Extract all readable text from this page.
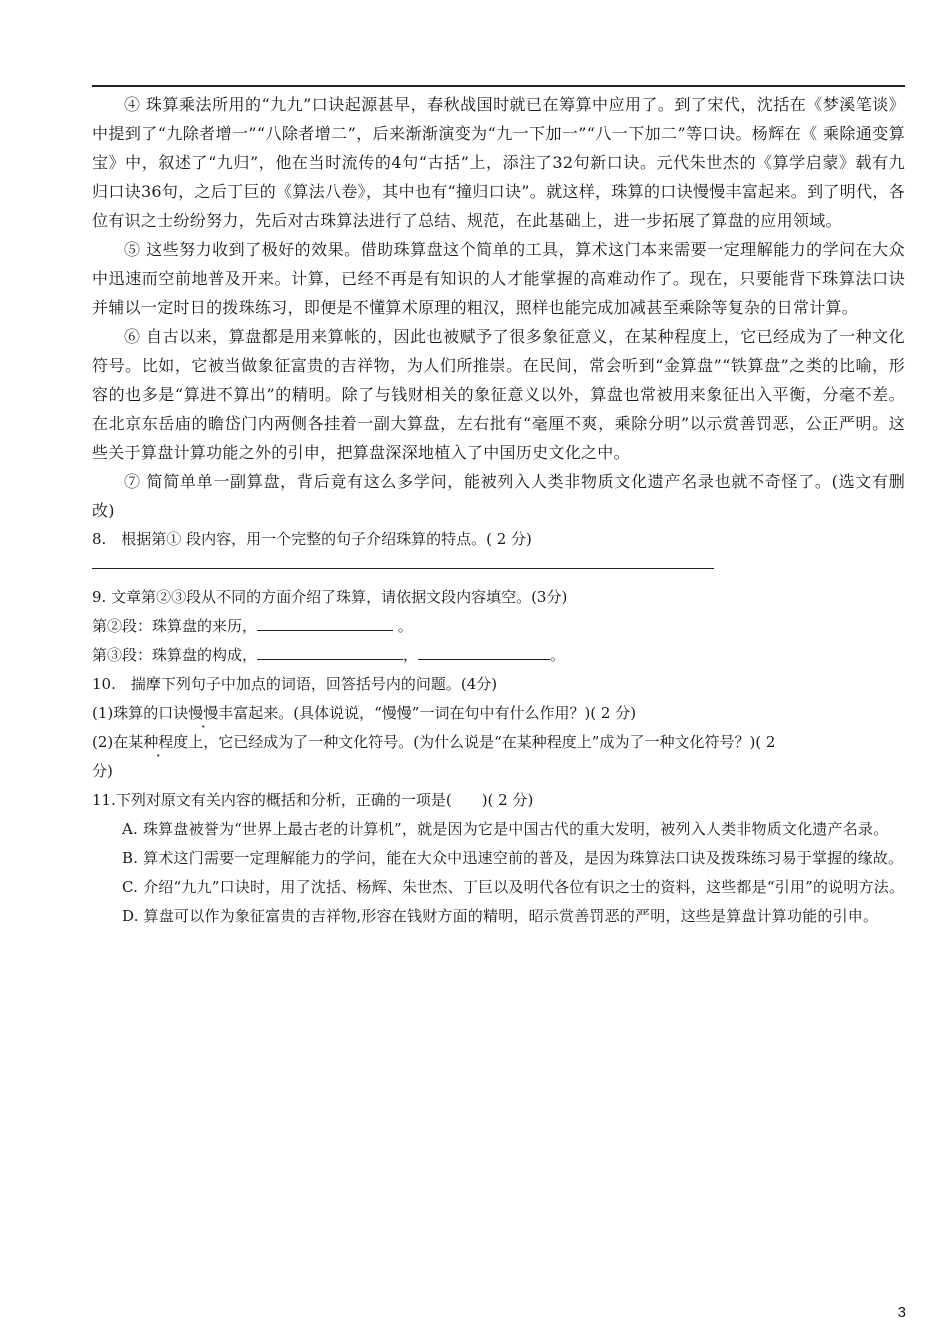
④ 珠算乘法所用的“九九”口诀起源甚早，春秋战国时就已在筹算中应用了。到了宋代，沈括在《梦溪笔谈》中提到了“九除者增一”“八除者增二”，后来渐渐演变为“九一下加一”“八一下加二”等口诀。杨辉在《 乘除通变算宝》中，叙述了“九归”，他在当时流传的4句“古括”上，添注了32句新口诀。元代朱世杰的《算学启蒙》载有九归口诀36句，之后丁巨的《算法八卷》，其中也有“撞归口诀”。就这样，珠算的口诀慢慢丰富起来。到了明代，各位有识之士纷纷努力，先后对古珠算法进行了总结、规范，在此基础上，进一步拓展了算盘的应用领域。

⑤ 这些努力收到了极好的效果。借助珠算盘这个简单的工具，算术这门本来需要一定理解能力的学问在大众中迅速而空前地普及开来。计算，已经不再是有知识的人才能掌握的高难动作了。现在，只要能背下珠算法口诀并辅以一定时日的拨珠练习，即便是不懂算术原理的粗汉，照样也能完成加减甚至乘除等复杂的日常计算。

⑥ 自古以来，算盘都是用来算帐的，因此也被赋予了很多象征意义，在某种程度上，它已经成为了一种文化符号。比如，它被当做象征富贵的吉祥物，为人们所推崇。在民间，常会听到“金算盘”“铁算盘”之类的比喻，形容的也多是“算进不算出”的精明。除了与钱财相关的象征意义以外，算盘也常被用来象征出入平衡，分毫不差。在北京东岳庙的瞻岱门内两侧各挂着一副大算盘，左右批有“毫厘不爽，乘除分明”以示赏善罚恶，公正严明。这些关于算盘计算功能之外的引申，把算盘深深地植入了中国历史文化之中。

⑦ 简简单单一副算盘，背后竟有这么多学问，能被列入人类非物质文化遗产名录也就不奇怪了。(选文有删改)

8.　根据第① 段内容，用一个完整的句子介绍珠算的特点。( 2 分)

9. 文章第②③段从不同的方面介绍了珠算，请依据文段内容填空。(3分)

第②段：珠算盘的来历，	。

第③段：珠算盘的构成，	，	。

10.　揣摩下列句子中加点的词语，回答括号内的问题。(4分)

(1)珠算的口诀慢慢丰富起来。(具体说说，“慢慢”一词在句中有什么作用？)( 2 分)

(2)在某种程度上 ·，它已经成为了一种文化符号。(为什么说是“在某种程度上”成为了一种文化符号？)( 2

分)

11.下列对原文有关内容的概括和分析，正确的一项是(　　)( 2 分)

A. 珠算盘被誉为“世界上最古老的计算机”，就是因为它是中国古代的重大发明，被列入人类非物质文化遗产名录。

B. 算术这门需要一定理解能力的学问，能在大众中迅速空前的普及，是因为珠算法口诀及拨珠练习易于掌握的缘故。

C. 介绍“九九”口诀时，用了沈括、杨辉、朱世杰、丁巨以及明代各位有识之士的资料，这些都是“引用”的说明方法。

D. 算盘可以作为象征富贵的吉祥物,形容在钱财方面的精明，昭示赏善罚恶的严明，这些是算盘计算功能的引申。

3
